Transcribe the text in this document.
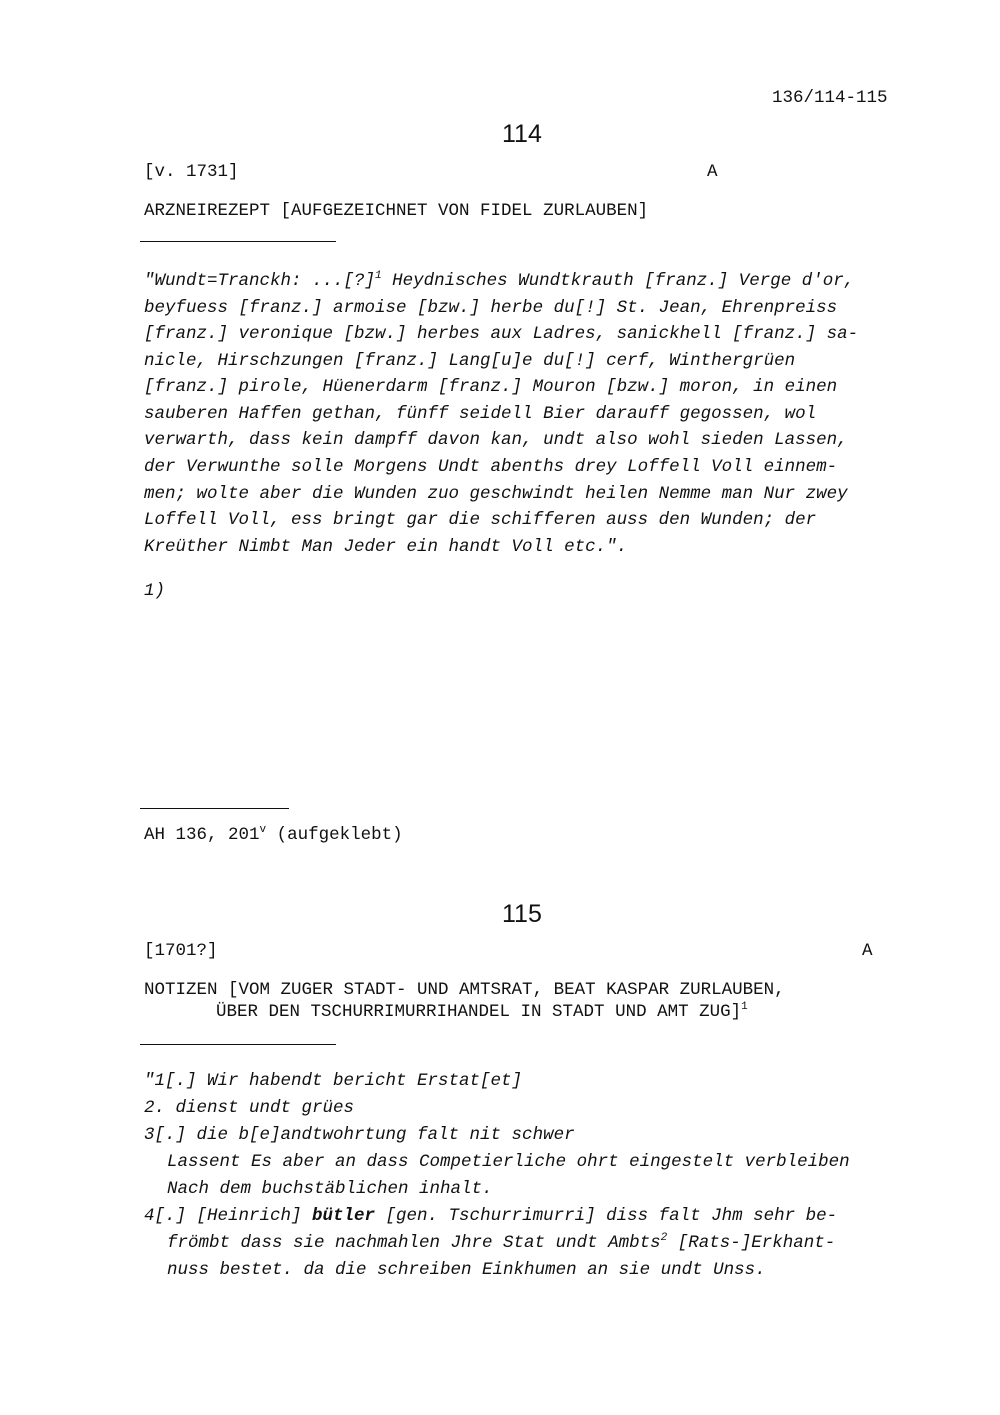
136/114-115
114
[v. 1731]	A
ARZNEIREZEPT [AUFGEZEICHNET VON FIDEL ZURLAUBEN]
"Wundt=Tranckh: ...[?]$^1$ Heydnisches Wundtkrauth [franz.] Verge d'or,
beyfuess [franz.] armoise [bzw.] herbe du[!] St. Jean, Ehrenpreiss
[franz.] veronique [bzw.] herbes aux Ladres, sanickhell [franz.] sa-
nicle, Hirschzungen [franz.] Lang[u]e du[!] cerf, Winthergrüen
[franz.] pirole, Hüenerdarm [franz.] Mouron [bzw.] moron, in einen
sauberen Haffen gethan, fünff seidell Bier darauff gegossen, wol
verwarth, dass kein dampff davon kan, undt also wohl sieden Lassen,
der Verwunthe solle Morgens Undt abenths drey Loffell Voll einnem-
men; wolte aber die Wunden zuo geschwindt heilen Nemme man Nur zwey
Loffell Voll, ess bringt gar die schifferen auss den Wunden; der
Kreüther Nimbt Man Jeder ein handt Voll etc.".
1)
AH 136, 201$^v$ (aufgeklebt)
115
[1701?]	A
NOTIZEN [VOM ZUGER STADT- UND AMTSRAT, BEAT KASPAR ZURLAUBEN,
ÜBER DEN TSCHURRIMURRIHANDEL IN STADT UND AMT ZUG]$^1$
"1[.] Wir habendt bericht Erstat[et]
2. dienst undt grües
3[.] die b[e]andtwohrtung falt nit schwer
Lassent Es aber an dass Competierliche ohrt eingestelt verbleiben
Nach dem buchstäblichen inhalt.
4[.] [Heinrich] bütler [gen. Tschurrimurri] diss falt Jhm sehr be-
frömbt dass sie nachmahlen Jhre Stat undt Ambts$^2$ [Rats-]Erkhant-
nuss bestet. da die schreiben Einkhumen an sie undt Unss.
